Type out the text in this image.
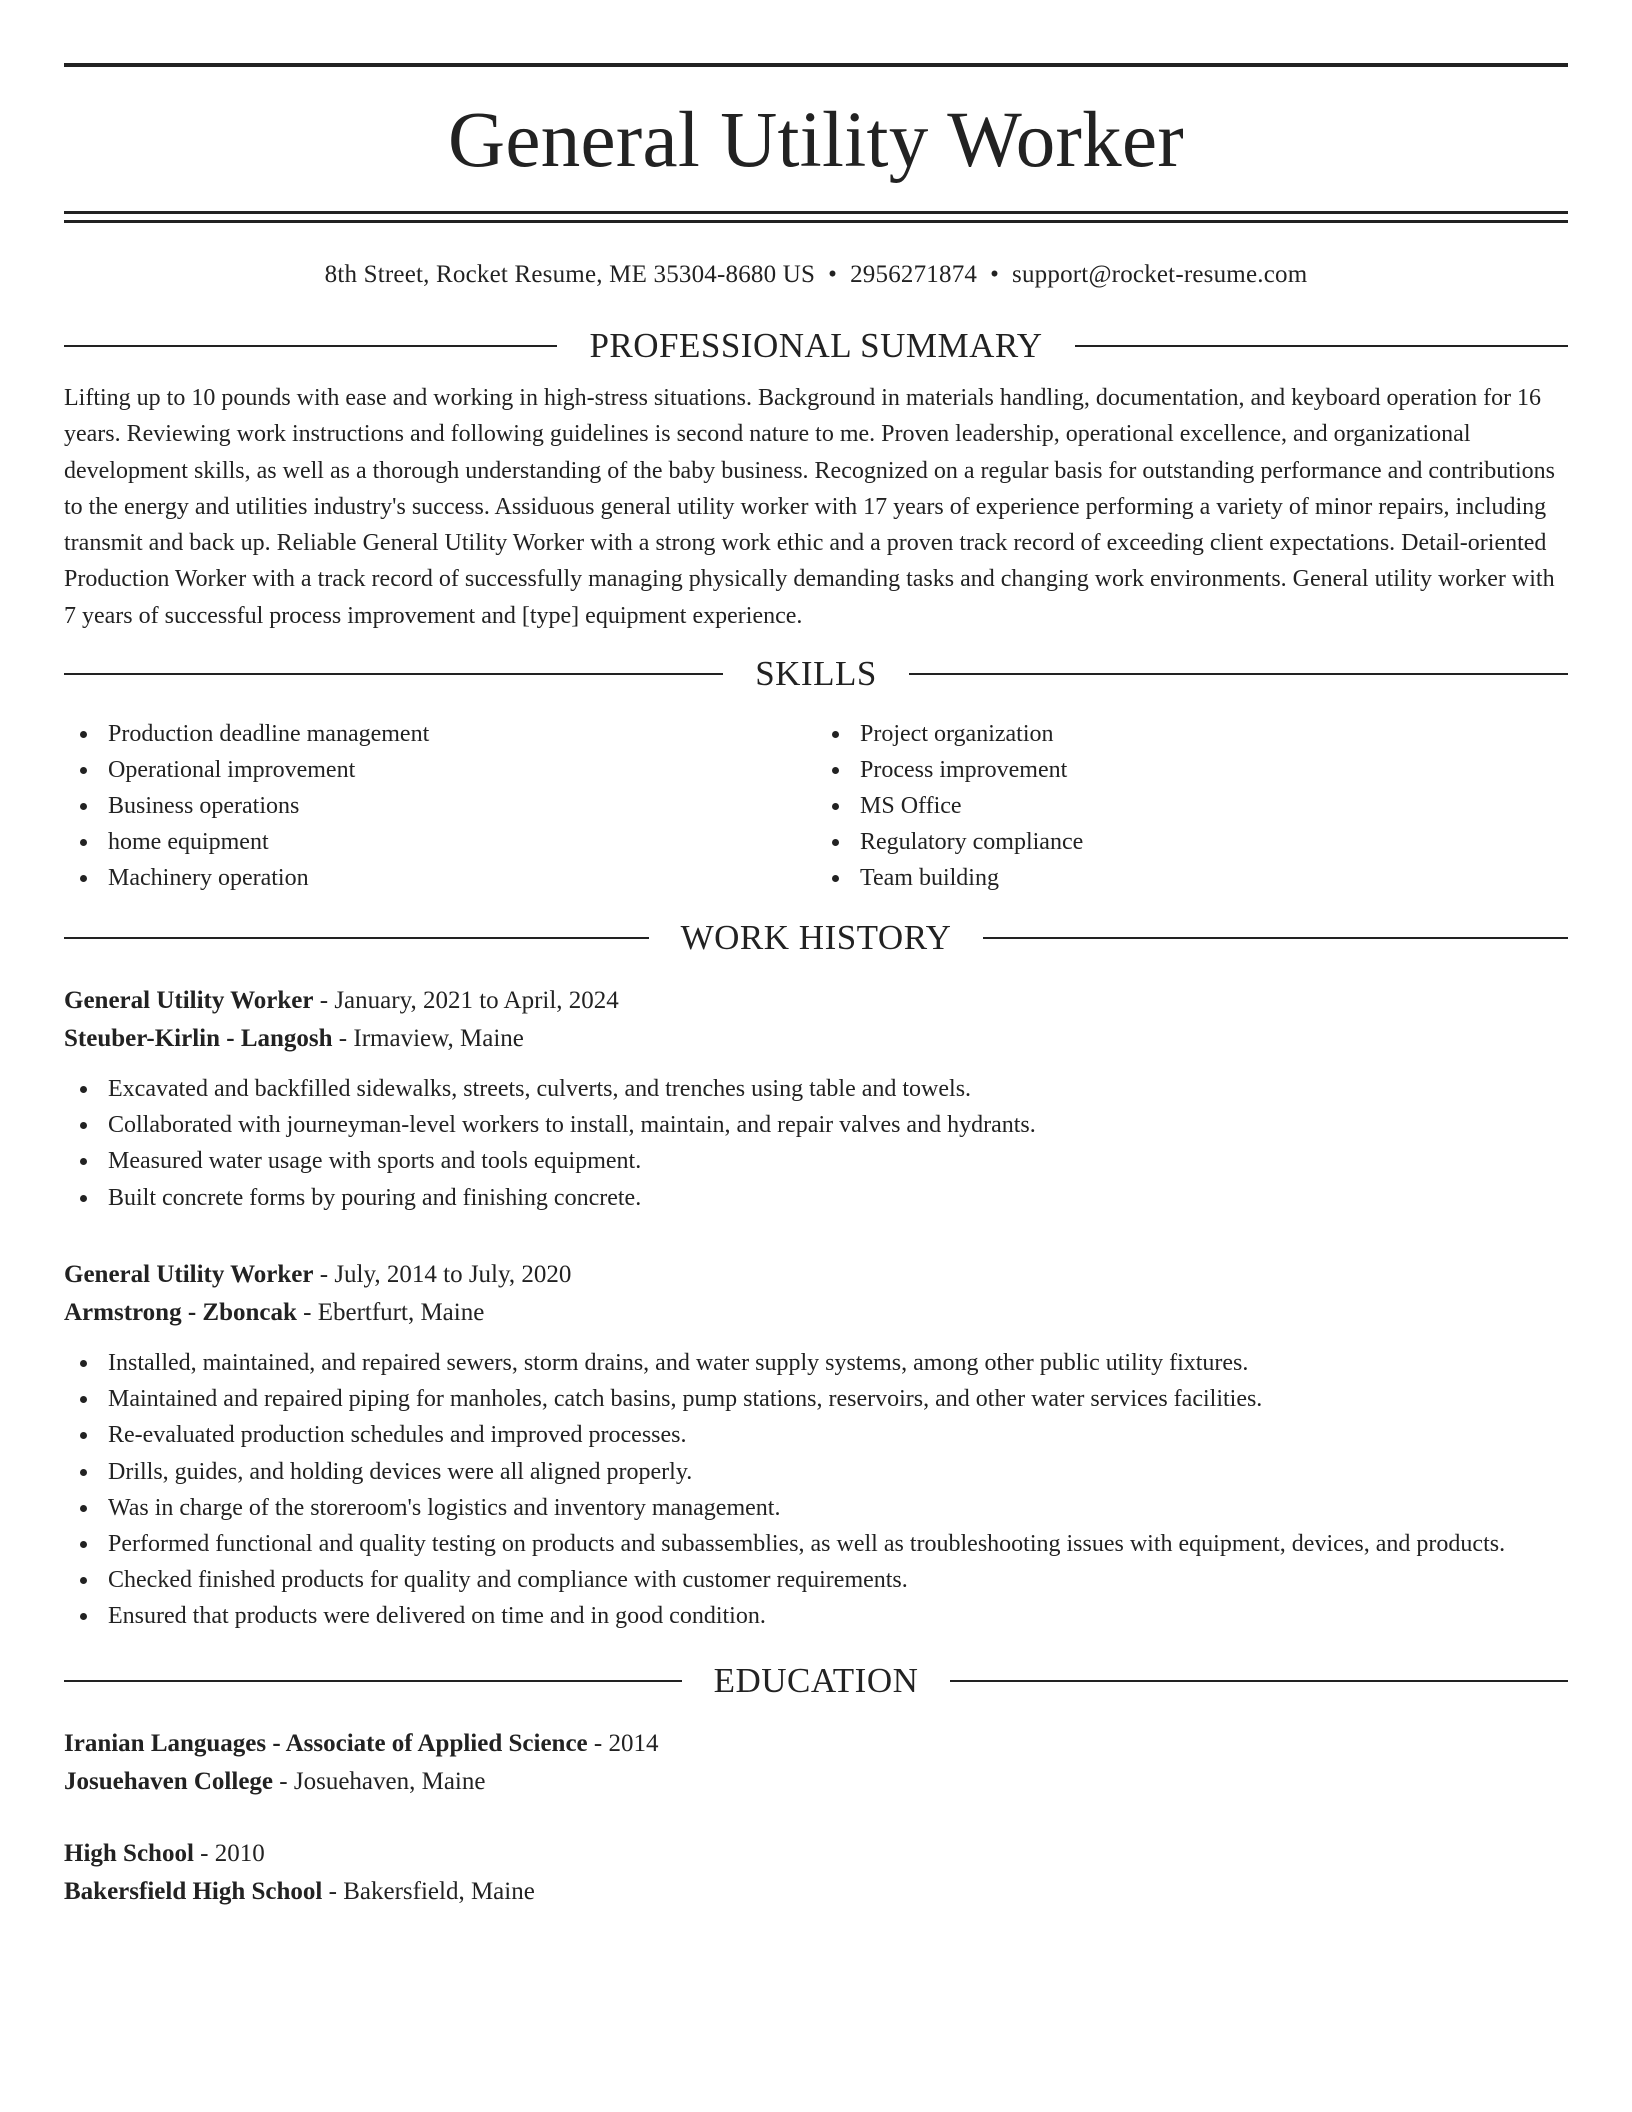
General Utility Worker
8th Street, Rocket Resume, ME 35304-8680 US • 2956271874 • support@rocket-resume.com
PROFESSIONAL SUMMARY
Lifting up to 10 pounds with ease and working in high-stress situations. Background in materials handling, documentation, and keyboard operation for 16 years. Reviewing work instructions and following guidelines is second nature to me. Proven leadership, operational excellence, and organizational development skills, as well as a thorough understanding of the baby business. Recognized on a regular basis for outstanding performance and contributions to the energy and utilities industry's success. Assiduous general utility worker with 17 years of experience performing a variety of minor repairs, including transmit and back up. Reliable General Utility Worker with a strong work ethic and a proven track record of exceeding client expectations. Detail-oriented Production Worker with a track record of successfully managing physically demanding tasks and changing work environments. General utility worker with 7 years of successful process improvement and [type] equipment experience.
SKILLS
Production deadline management
Operational improvement
Business operations
home equipment
Machinery operation
Project organization
Process improvement
MS Office
Regulatory compliance
Team building
WORK HISTORY
General Utility Worker - January, 2021 to April, 2024
Steuber-Kirlin - Langosh - Irmaview, Maine
Excavated and backfilled sidewalks, streets, culverts, and trenches using table and towels.
Collaborated with journeyman-level workers to install, maintain, and repair valves and hydrants.
Measured water usage with sports and tools equipment.
Built concrete forms by pouring and finishing concrete.
General Utility Worker - July, 2014 to July, 2020
Armstrong - Zboncak - Ebertfurt, Maine
Installed, maintained, and repaired sewers, storm drains, and water supply systems, among other public utility fixtures.
Maintained and repaired piping for manholes, catch basins, pump stations, reservoirs, and other water services facilities.
Re-evaluated production schedules and improved processes.
Drills, guides, and holding devices were all aligned properly.
Was in charge of the storeroom's logistics and inventory management.
Performed functional and quality testing on products and subassemblies, as well as troubleshooting issues with equipment, devices, and products.
Checked finished products for quality and compliance with customer requirements.
Ensured that products were delivered on time and in good condition.
EDUCATION
Iranian Languages - Associate of Applied Science - 2014
Josuehaven College - Josuehaven, Maine
High School - 2010
Bakersfield High School - Bakersfield, Maine
